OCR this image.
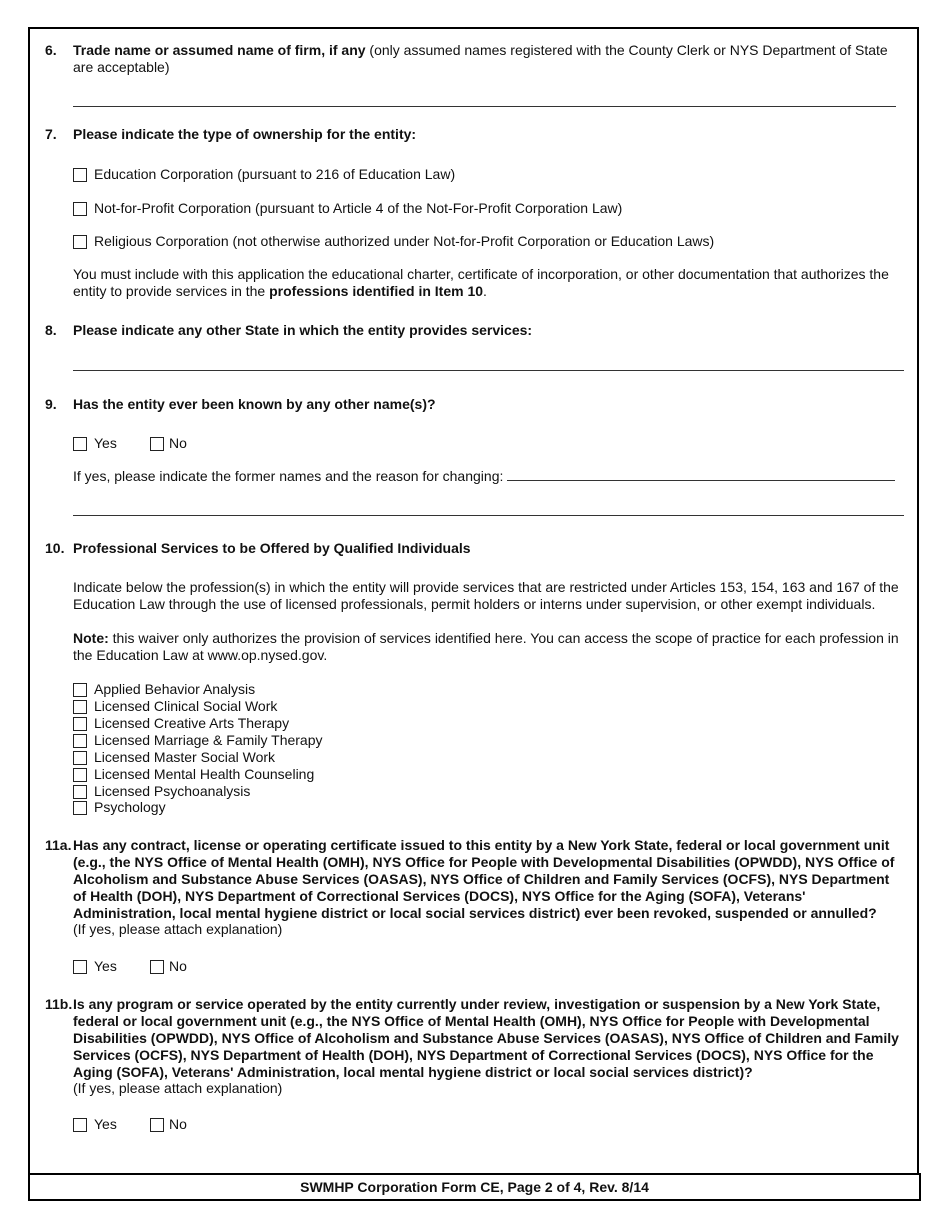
6. Trade name or assumed name of firm, if any (only assumed names registered with the County Clerk or NYS Department of State are acceptable)
7. Please indicate the type of ownership for the entity:
Education Corporation (pursuant to 216 of Education Law)
Not-for-Profit Corporation (pursuant to Article 4 of the Not-For-Profit Corporation Law)
Religious Corporation (not otherwise authorized under Not-for-Profit Corporation or Education Laws)
You must include with this application the educational charter, certificate of incorporation, or other documentation that authorizes the entity to provide services in the professions identified in Item 10.
8. Please indicate any other State in which the entity provides services:
9. Has the entity ever been known by any other name(s)?
Yes	No
If yes, please indicate the former names and the reason for changing:
10. Professional Services to be Offered by Qualified Individuals
Indicate below the profession(s) in which the entity will provide services that are restricted under Articles 153, 154, 163 and 167 of the Education Law through the use of licensed professionals, permit holders or interns under supervision, or other exempt individuals.
Note: this waiver only authorizes the provision of services identified here. You can access the scope of practice for each profession in the Education Law at www.op.nysed.gov.
Applied Behavior Analysis
Licensed Clinical Social Work
Licensed Creative Arts Therapy
Licensed Marriage & Family Therapy
Licensed Master Social Work
Licensed Mental Health Counseling
Licensed Psychoanalysis
Psychology
11a. Has any contract, license or operating certificate issued to this entity by a New York State, federal or local government unit (e.g., the NYS Office of Mental Health (OMH), NYS Office for People with Developmental Disabilities (OPWDD), NYS Office of Alcoholism and Substance Abuse Services (OASAS), NYS Office of Children and Family Services (OCFS), NYS Department of Health (DOH), NYS Department of Correctional Services (DOCS), NYS Office for the Aging (SOFA), Veterans' Administration, local mental hygiene district or local social services district) ever been revoked, suspended or annulled?
(If yes, please attach explanation)
Yes	No
11b. Is any program or service operated by the entity currently under review, investigation or suspension by a New York State, federal or local government unit (e.g., the NYS Office of Mental Health (OMH), NYS Office for People with Developmental Disabilities (OPWDD), NYS Office of Alcoholism and Substance Abuse Services (OASAS), NYS Office of Children and Family Services (OCFS), NYS Department of Health (DOH), NYS Department of Correctional Services (DOCS), NYS Office for the Aging (SOFA), Veterans' Administration, local mental hygiene district or local social services district)?
(If yes, please attach explanation)
Yes	No
SWMHP Corporation Form CE, Page 2 of 4, Rev. 8/14
